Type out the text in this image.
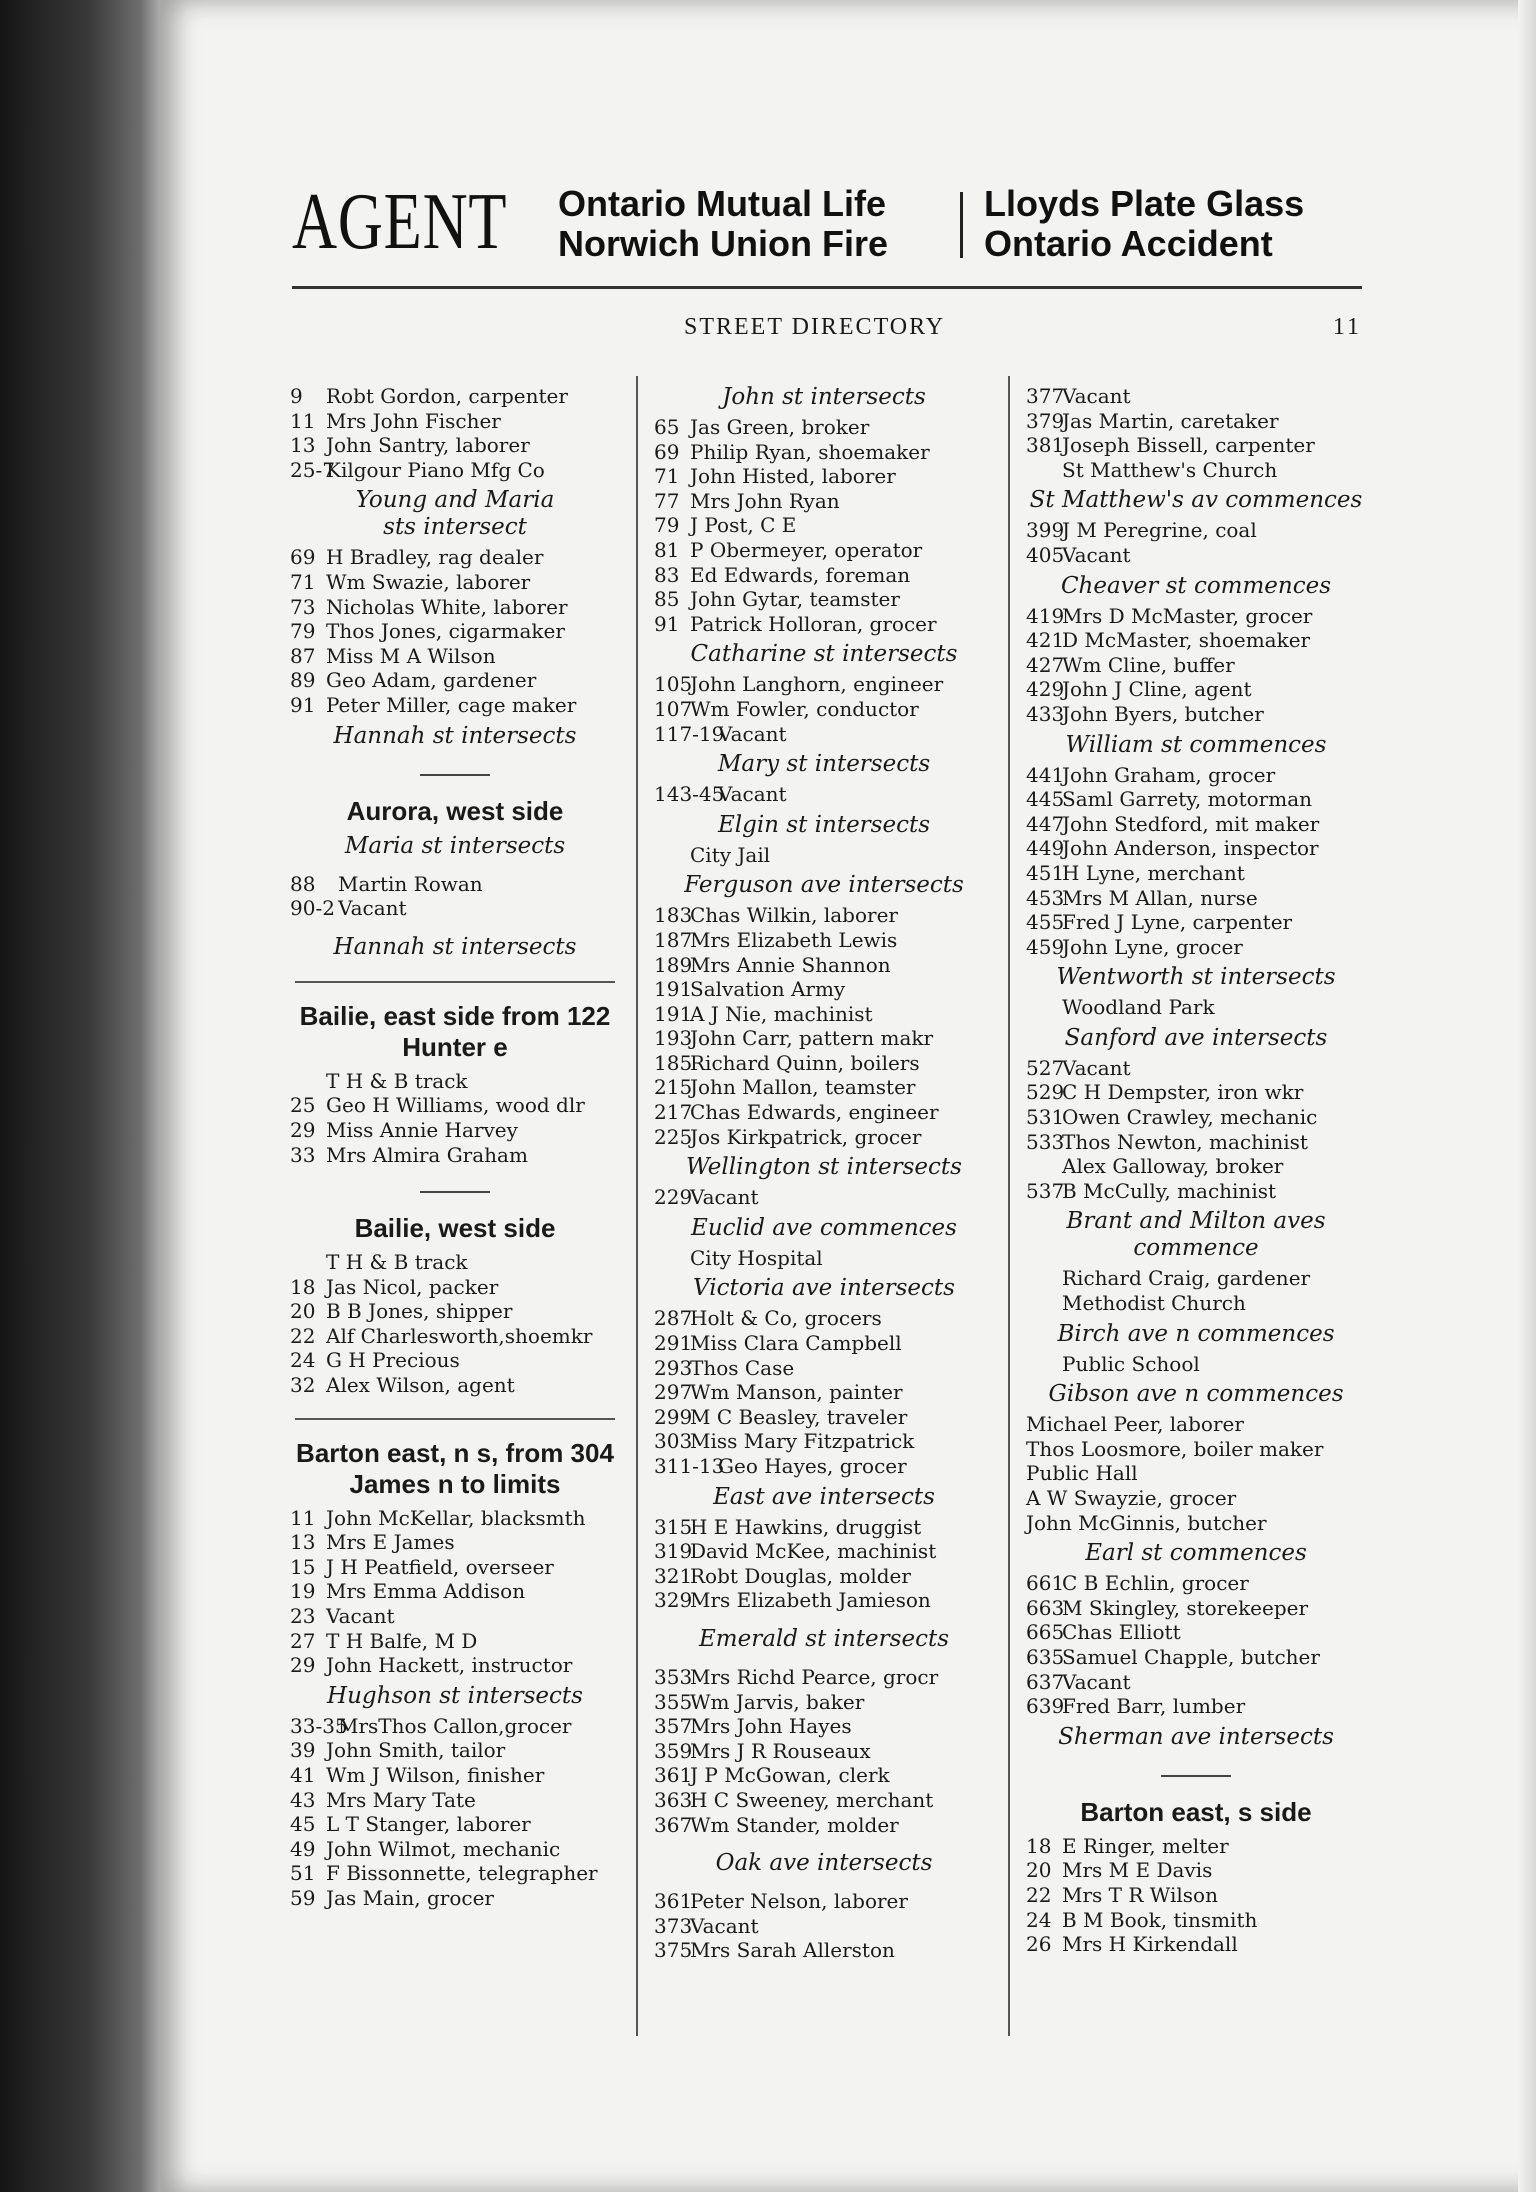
AGENT Ontario Mutual Life
Norwich Union Fire
Lloyds Plate Glass
Ontario Accident
STREET DIRECTORY	11
9 Robt Gordon, carpenter
11 Mrs John Fischer
13 John Santry, laborer
25-7Kilgour Piano Mfg Co
Young and Maria sts intersect
69 H Bradley, rag dealer
71 Wm Swazie, laborer
73 Nicholas White, laborer
79 Thos Jones, cigarmaker
87 Miss M A Wilson
89 Geo Adam, gardener
91 Peter Miller, cage maker
Hannah st intersects
Aurora, west side
Maria st intersects
88 Martin Rowan
90-2 Vacant
Hannah st intersects
Bailie, east side from 122 Hunter e
T H & B track
25 Geo H Williams, wood dlr
29 Miss Annie Harvey
33 Mrs Almira Graham
Bailie, west side
T H & B track
18 Jas Nicol, packer
20 B B Jones, shipper
22 Alf Charlesworth,shoemkr
24 G H Precious
32 Alex Wilson, agent
Barton east, n s, from 304 James n to limits
11 John McKellar, blacksmth
13 Mrs E James
15 J H Peatfield, overseer
19 Mrs Emma Addison
23 Vacant
27 T H Balfe, M D
29 John Hackett, instructor
Hughson st intersects
33-35MrsThos Callon,grocer
39 John Smith, tailor
41 Wm J Wilson, finisher
43 Mrs Mary Tate
45 L T Stanger, laborer
49 John Wilmot, mechanic
51 F Bissonnette, telegrapher
59 Jas Main, grocer
John st intersects
65 Jas Green, broker
69 Philip Ryan, shoemaker
71 John Histed, laborer
77 Mrs John Ryan
79 J Post, C E
81 P Obermeyer, operator
83 Ed Edwards, foreman
85 John Gytar, teamster
91 Patrick Holloran, grocer
Catharine st intersects
105John Langhorn, engineer
107Wm Fowler, conductor
117-19Vacant
Mary st intersects
143-45Vacant
Elgin st intersects
City Jail
Ferguson ave intersects
183Chas Wilkin, laborer
187Mrs Elizabeth Lewis
189Mrs Annie Shannon
191Salvation Army
191A J Nie, machinist
193John Carr, pattern makr
185Richard Quinn, boilers
215John Mallon, teamster
217Chas Edwards, engineer
225Jos Kirkpatrick, grocer
Wellington st intersects
229Vacant
Euclid ave commences
City Hospital
Victoria ave intersects
287Holt & Co, grocers
291Miss Clara Campbell
293Thos Case
297Wm Manson, painter
299M C Beasley, traveler
303Miss Mary Fitzpatrick
311-13Geo Hayes, grocer
East ave intersects
315H E Hawkins, druggist
319David McKee, machinist
321Robt Douglas, molder
329Mrs Elizabeth Jamieson
Emerald st intersects
353Mrs Richd Pearce, grocr
355Wm Jarvis, baker
357Mrs John Hayes
359Mrs J R Rouseaux
361J P McGowan, clerk
363H C Sweeney, merchant
367Wm Stander, molder
Oak ave intersects
361Peter Nelson, laborer
373Vacant
375Mrs Sarah Allerston
377Vacant
379Jas Martin, caretaker
381Joseph Bissell, carpenter
St Matthew's Church
St Matthew's av commences
399J M Peregrine, coal
405Vacant
Cheaver st commences
419Mrs D McMaster, grocer
421D McMaster, shoemaker
427Wm Cline, buffer
429John J Cline, agent
433John Byers, butcher
William st commences
441John Graham, grocer
445Saml Garrety, motorman
447John Stedford, mit maker
449John Anderson, inspector
451H Lyne, merchant
453Mrs M Allan, nurse
455Fred J Lyne, carpenter
459John Lyne, grocer
Wentworth st intersects
Woodland Park
Sanford ave intersects
527Vacant
529C H Dempster, iron wkr
531Owen Crawley, mechanic
533Thos Newton, machinist
Alex Galloway, broker
537B McCully, machinist
Brant and Milton aves commence
Richard Craig, gardener
Methodist Church
Birch ave n commences
Public School
Gibson ave n commences
Michael Peer, laborer
Thos Loosmore, boiler maker
Public Hall
A W Swayzie, grocer
John McGinnis, butcher
Earl st commences
661C B Echlin, grocer
663M Skingley, storekeeper
665Chas Elliott
635Samuel Chapple, butcher
637Vacant
639Fred Barr, lumber
Sherman ave intersects
Barton east, s side
18 E Ringer, melter
20 Mrs M E Davis
22 Mrs T R Wilson
24 B M Book, tinsmith
26 Mrs H Kirkendall
